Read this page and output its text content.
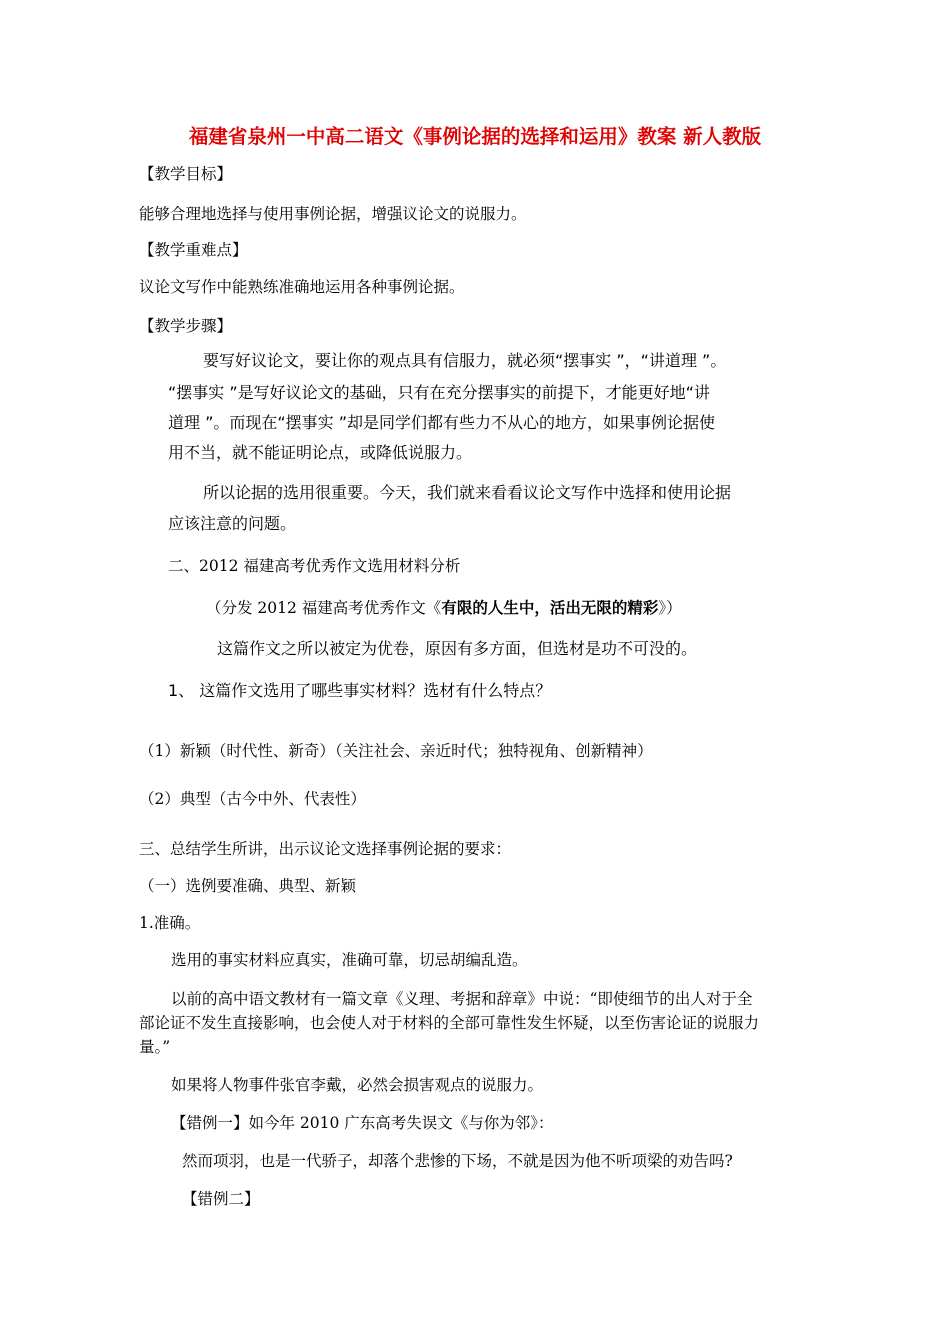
福建省泉州一中高二语文《事例论据的选择和运用》教案 新人教版
【教学目标】
能够合理地选择与使用事例论据，增强议论文的说服力。
【教学重难点】
议论文写作中能熟练准确地运用各种事例论据。
【教学步骤】
要写好议论文，要让你的观点具有信服力，就必须“摆事实 ”，“讲道理 ”。
“摆事实 ”是写好议论文的基础，只有在充分摆事实的前提下，才能更好地“讲
道理 ”。而现在“摆事实 ”却是同学们都有些力不从心的地方，如果事例论据使
用不当，就不能证明论点，或降低说服力。
所以论据的选用很重要。今天，我们就来看看议论文写作中选择和使用论据
应该注意的问题。
二、2012 福建高考优秀作文选用材料分析
（分发 2012 福建高考优秀作文《有限的人生中，活出无限的精彩》）
这篇作文之所以被定为优卷，原因有多方面，但选材是功不可没的。
1、 这篇作文选用了哪些事实材料？选材有什么特点？
（1）新颖（时代性、新奇）（关注社会、亲近时代；独特视角、创新精神）
（2）典型（古今中外、代表性）
三、总结学生所讲，出示议论文选择事例论据的要求：
（一）选例要准确、典型、新颖
1.准确。
选用的事实材料应真实，准确可靠，切忌胡编乱造。
以前的高中语文教材有一篇文章《义理、考据和辞章》中说：“即使细节的出人对于全
部论证不发生直接影响，也会使人对于材料的全部可靠性发生怀疑，以至伤害论证的说服力
量。”
如果将人物事件张官李戴，必然会损害观点的说服力。
【错例一】如今年 2010 广东高考失误文《与你为邻》：
然而项羽，也是一代骄子，却落个悲惨的下场，不就是因为他不听项梁的劝告吗?
【错例二】
